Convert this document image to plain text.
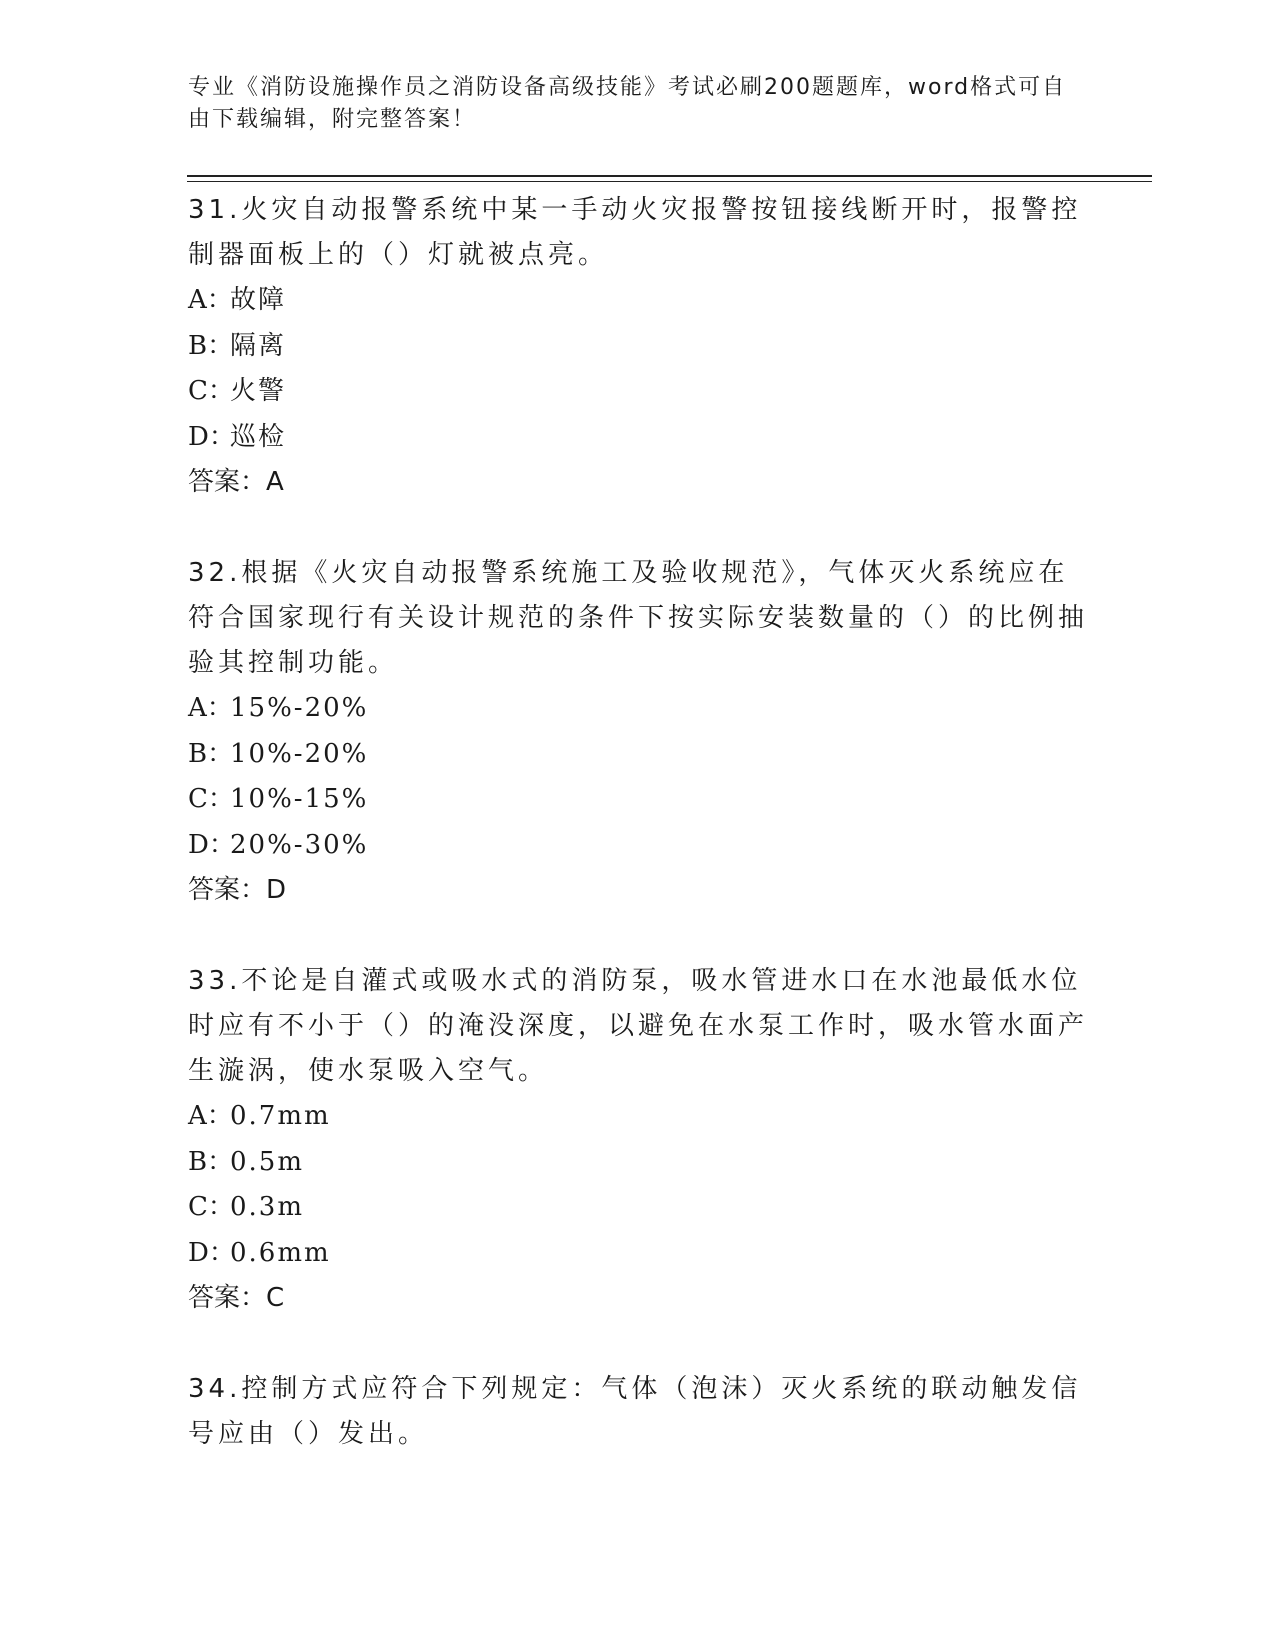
专业《消防设施操作员之消防设备高级技能》考试必刷200题题库，word格式可自由下载编辑，附完整答案！

31.火灾自动报警系统中某一手动火灾报警按钮接线断开时，报警控制器面板上的（）灯就被点亮。

A：故障

B：隔离

C：火警

D：巡检

答案：A

32.根据《火灾自动报警系统施工及验收规范》，气体灭火系统应在符合国家现行有关设计规范的条件下按实际安装数量的（）的比例抽验其控制功能。

A：15%-20%

B：10%-20%

C：10%-15%

D：20%-30%

答案：D

33.不论是自灌式或吸水式的消防泵，吸水管进水口在水池最低水位时应有不小于（）的淹没深度，以避免在水泵工作时，吸水管水面产生漩涡，使水泵吸入空气。

A：0.7mm

B：0.5m

C：0.3m

D：0.6mm

答案：C

34.控制方式应符合下列规定：气体（泡沫）灭火系统的联动触发信号应由（）发出。
